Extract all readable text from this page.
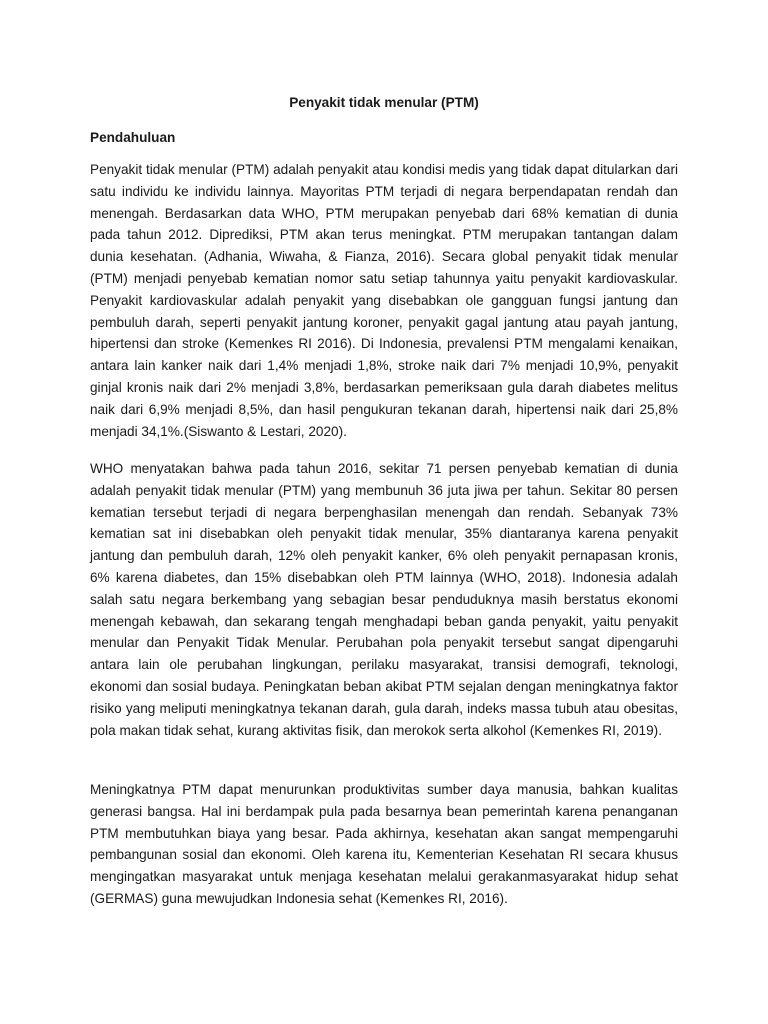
Penyakit tidak menular (PTM)
Pendahuluan

Penyakit tidak menular (PTM) adalah penyakit atau kondisi medis yang tidak dapat ditularkan dari satu individu ke individu lainnya. Mayoritas PTM terjadi di negara berpendapatan rendah dan menengah. Berdasarkan data WHO, PTM merupakan penyebab dari 68% kematian di dunia pada tahun 2012. Diprediksi, PTM akan terus meningkat. PTM merupakan tantangan dalam dunia kesehatan. (Adhania, Wiwaha, & Fianza, 2016). Secara global penyakit tidak menular (PTM) menjadi penyebab kematian nomor satu setiap tahunnya yaitu penyakit kardiovaskular. Penyakit kardiovaskular adalah penyakit yang disebabkan ole gangguan fungsi jantung dan pembuluh darah, seperti penyakit jantung koroner, penyakit gagal jantung atau payah jantung, hipertensi dan stroke (Kemenkes RI 2016). Di Indonesia, prevalensi PTM mengalami kenaikan, antara lain kanker naik dari 1,4% menjadi 1,8%, stroke naik dari 7% menjadi 10,9%, penyakit ginjal kronis naik dari 2% menjadi 3,8%, berdasarkan pemeriksaan gula darah diabetes melitus naik dari 6,9% menjadi 8,5%, dan hasil pengukuran tekanan darah, hipertensi naik dari 25,8% menjadi 34,1%.(Siswanto & Lestari, 2020).

WHO menyatakan bahwa pada tahun 2016, sekitar 71 persen penyebab kematian di dunia adalah penyakit tidak menular (PTM) yang membunuh 36 juta jiwa per tahun. Sekitar 80 persen kematian tersebut terjadi di negara berpenghasilan menengah dan rendah. Sebanyak 73% kematian sat ini disebabkan oleh penyakit tidak menular, 35% diantaranya karena penyakit jantung dan pembuluh darah, 12% oleh penyakit kanker, 6% oleh penyakit pernapasan kronis, 6% karena diabetes, dan 15% disebabkan oleh PTM lainnya (WHO, 2018). Indonesia adalah salah satu negara berkembang yang sebagian besar penduduknya masih berstatus ekonomi menengah kebawah, dan sekarang tengah menghadapi beban ganda penyakit, yaitu penyakit menular dan Penyakit Tidak Menular. Perubahan pola penyakit tersebut sangat dipengaruhi antara lain ole perubahan lingkungan, perilaku masyarakat, transisi demografi, teknologi, ekonomi dan sosial budaya. Peningkatan beban akibat PTM sejalan dengan meningkatnya faktor risiko yang meliputi meningkatnya tekanan darah, gula darah, indeks massa tubuh atau obesitas, pola makan tidak sehat, kurang aktivitas fisik, dan merokok serta alkohol (Kemenkes RI, 2019).

Meningkatnya PTM dapat menurunkan produktivitas sumber daya manusia, bahkan kualitas generasi bangsa. Hal ini berdampak pula pada besarnya bean pemerintah karena penanganan PTM membutuhkan biaya yang besar. Pada akhirnya, kesehatan akan sangat mempengaruhi pembangunan sosial dan ekonomi. Oleh karena itu, Kementerian Kesehatan RI secara khusus mengingatkan masyarakat untuk menjaga kesehatan melalui gerakanmasyarakat hidup sehat (GERMAS) guna mewujudkan Indonesia sehat (Kemenkes RI, 2016).
